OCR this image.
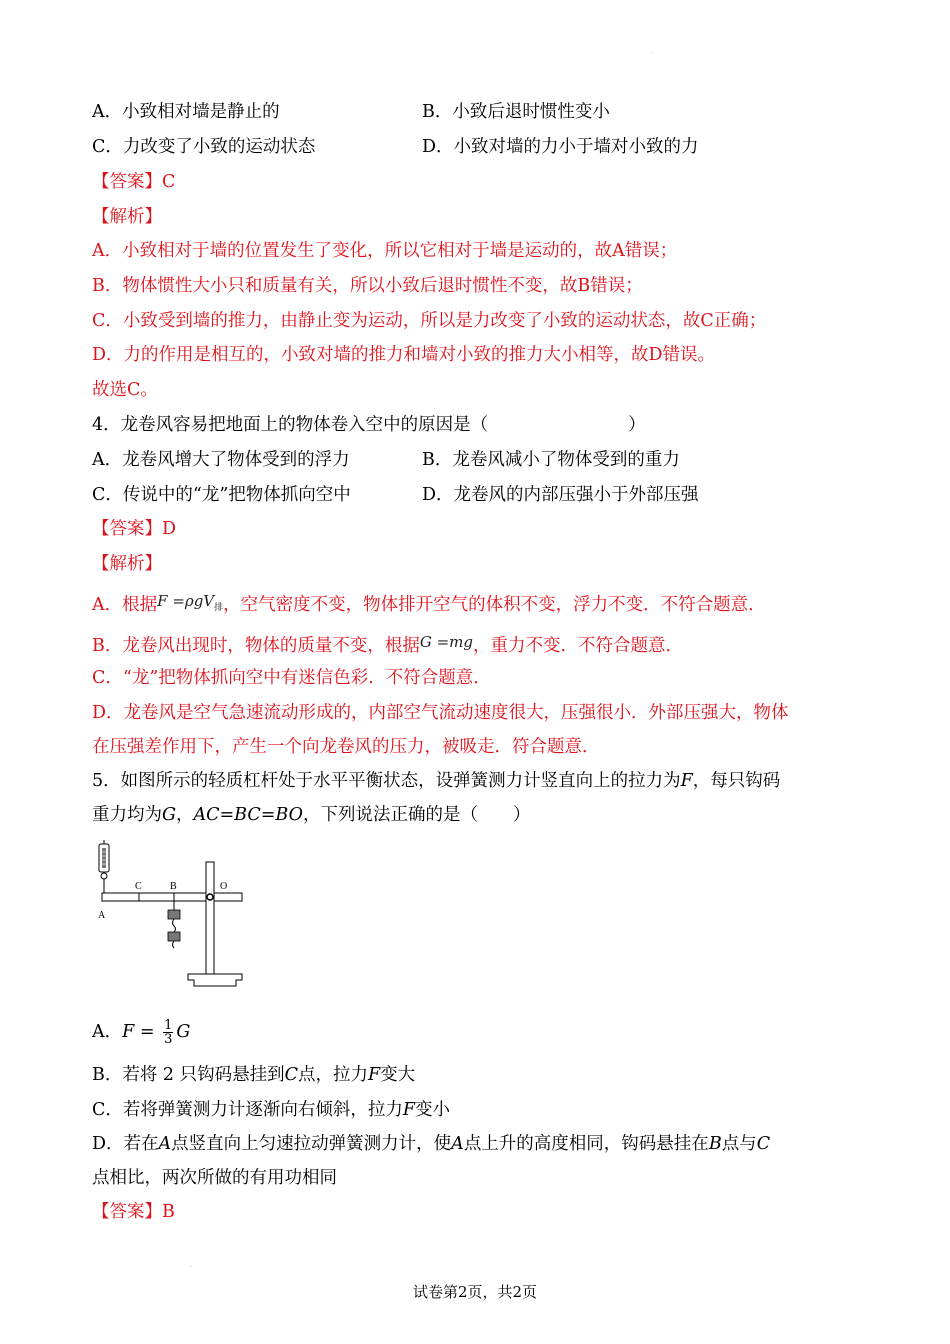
.
A．小致相对墙是静止的	B．小致后退时惯性变小
C．力改变了小致的运动状态	D．小致对墙的力小于墙对小致的力
【答案】C
【解析】
A．小致相对于墙的位置发生了变化，所以它相对于墙是运动的，故A错误；
B．物体惯性大小只和质量有关，所以小致后退时惯性不变，故B错误；
C．小致受到墙的推力，由静止变为运动，所以是力改变了小致的运动状态，故C正确；
D．力的作用是相互的，小致对墙的推力和墙对小致的推力大小相等，故D错误。
故选C。
4．龙卷风容易把地面上的物体卷入空中的原因是（　　　　　　　　）
A．龙卷风增大了物体受到的浮力	B．龙卷风减小了物体受到的重力
C．传说中的“龙”把物体抓向空中	D．龙卷风的内部压强小于外部压强
【答案】D
【解析】
A．根据F =ρgV$_排$，空气密度不变，物体排开空气的体积不变，浮力不变．不符合题意．
B．龙卷风出现时，物体的质量不变，根据G =mg，重力不变．不符合题意．
C．“龙”把物体抓向空中有迷信色彩．不符合题意．
D．龙卷风是空气急速流动形成的，内部空气流动速度很大，压强很小．外部压强大，物体
在压强差作用下，产生一个向龙卷风的压力，被吸走．符合题意．
5．如图所示的轻质杠杆处于水平平衡状态，设弹簧测力计竖直向上的拉力为F，每只钩码
重力均为G，AC=BC=BO，下列说法正确的是（　　）
C	B	O
A
A．$F = \frac{1}{3}$ G
B．若将 2 只钩码悬挂到C点，拉力F变大
C．若将弹簧测力计逐渐向右倾斜，拉力F变小
D．若在A点竖直向上匀速拉动弹簧测力计，使A点上升的高度相同，钩码悬挂在B点与C
点相比，两次所做的有用功相同
【答案】B
.
试卷第2页，共2页
